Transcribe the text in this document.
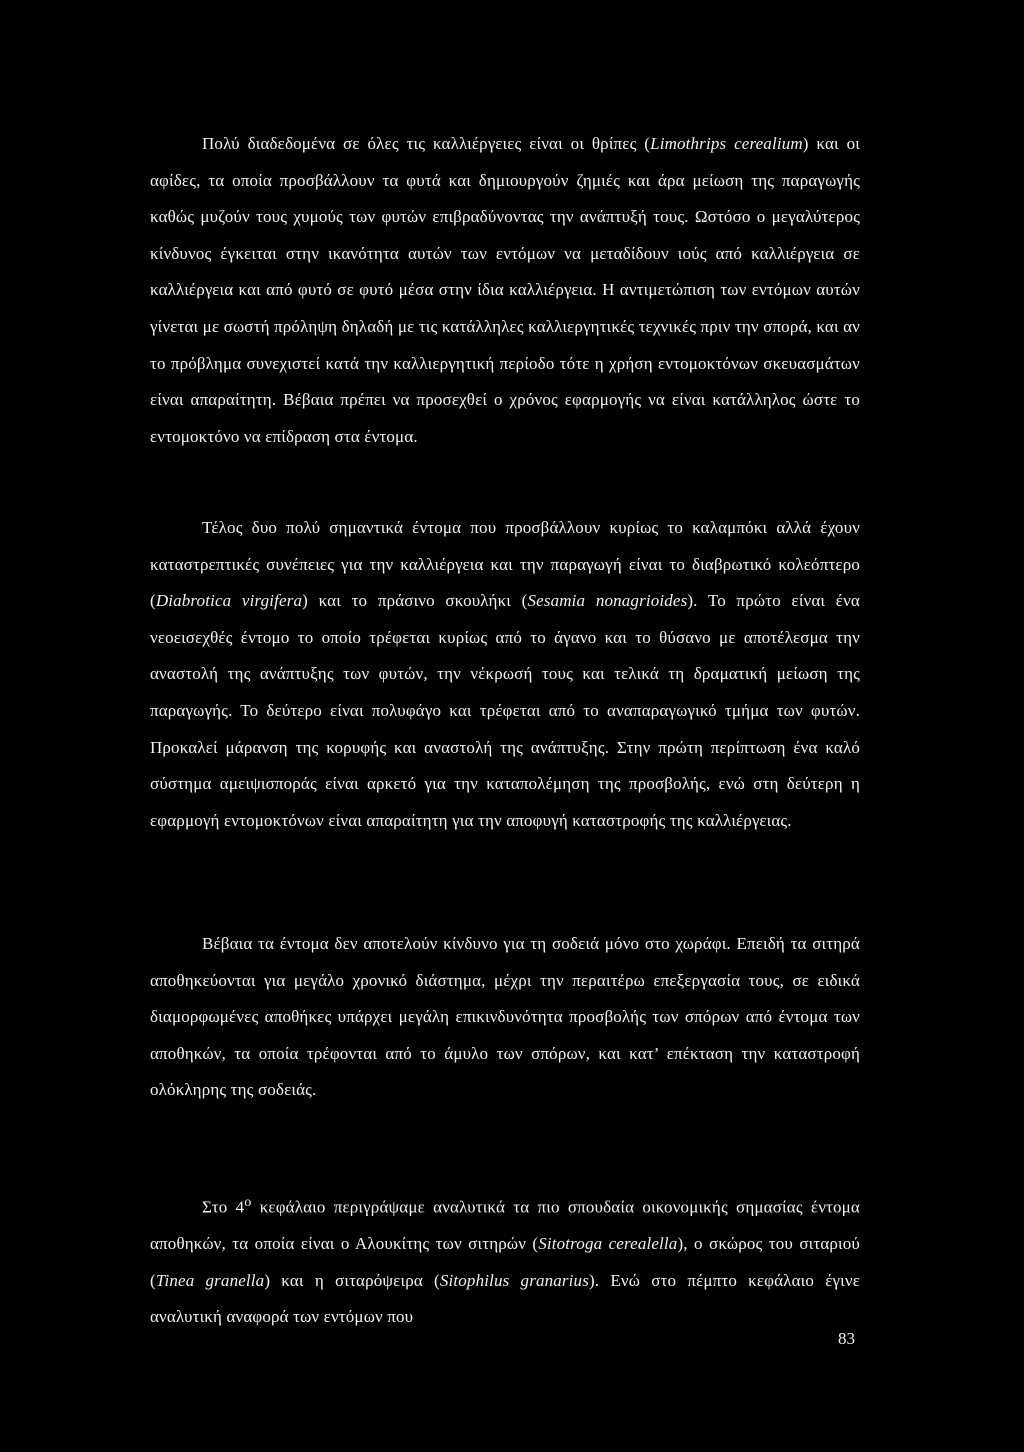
Πολύ διαδεδομένα σε όλες τις καλλιέργειες είναι οι θρίπες (Limothrips cerealium) και οι αφίδες, τα οποία προσβάλλουν τα φυτά και δημιουργούν ζημιές και άρα μείωση της παραγωγής καθώς μυζούν τους χυμούς των φυτών επιβραδύνοντας την ανάπτυξή τους. Ωστόσο ο μεγαλύτερος κίνδυνος έγκειται στην ικανότητα αυτών των εντόμων να μεταδίδουν ιούς από καλλιέργεια σε καλλιέργεια και από φυτό σε φυτό μέσα στην ίδια καλλιέργεια. Η αντιμετώπιση των εντόμων αυτών γίνεται με σωστή πρόληψη δηλαδή με τις κατάλληλες καλλιεργητικές τεχνικές πριν την σπορά, και αν το πρόβλημα συνεχιστεί κατά την καλλιεργητική περίοδο τότε η χρήση εντομοκτόνων σκευασμάτων είναι απαραίτητη. Βέβαια πρέπει να προσεχθεί ο χρόνος εφαρμογής να είναι κατάλληλος ώστε το εντομοκτόνο να επίδραση στα έντομα.

Τέλος δυο πολύ σημαντικά έντομα που προσβάλλουν κυρίως το καλαμπόκι αλλά έχουν καταστρεπτικές συνέπειες για την καλλιέργεια και την παραγωγή είναι το διαβρωτικό κολεόπτερο (Diabrotica virgifera) και το πράσινο σκουλήκι (Sesamia nonagrioides). Το πρώτο είναι ένα νεοεισεχθές έντομο το οποίο τρέφεται κυρίως από το άγανο και το θύσανο με αποτέλεσμα την αναστολή της ανάπτυξης των φυτών, την νέκρωσή τους και τελικά τη δραματική μείωση της παραγωγής. Το δεύτερο είναι πολυφάγο και τρέφεται από το αναπαραγωγικό τμήμα των φυτών. Προκαλεί μάρανση της κορυφής και αναστολή της ανάπτυξης. Στην πρώτη περίπτωση ένα καλό σύστημα αμειψισποράς είναι αρκετό για την καταπολέμηση της προσβολής, ενώ στη δεύτερη η εφαρμογή εντομοκτόνων είναι απαραίτητη για την αποφυγή καταστροφής της καλλιέργειας.

Βέβαια τα έντομα δεν αποτελούν κίνδυνο για τη σοδειά μόνο στο χωράφι. Επειδή τα σιτηρά αποθηκεύονται για μεγάλο χρονικό διάστημα, μέχρι την περαιτέρω επεξεργασία τους, σε ειδικά διαμορφωμένες αποθήκες υπάρχει μεγάλη επικινδυνότητα προσβολής των σπόρων από έντομα των αποθηκών, τα οποία τρέφονται από το άμυλο των σπόρων, και κατ’ επέκταση την καταστροφή ολόκληρης της σοδειάς.

Στο $4^o$ κεφάλαιο περιγράψαμε αναλυτικά τα πιο σπουδαία οικονομικής σημασίας έντομα αποθηκών, τα οποία είναι ο Αλουκίτης των σιτηρών (Sitotroga cerealella), ο σκώρος του σιταριού (Tinea granella) και η σιταρόψειρα (Sitophilus granarius). Ενώ στο πέμπτο κεφάλαιο έγινε αναλυτική αναφορά των εντόμων που

83
